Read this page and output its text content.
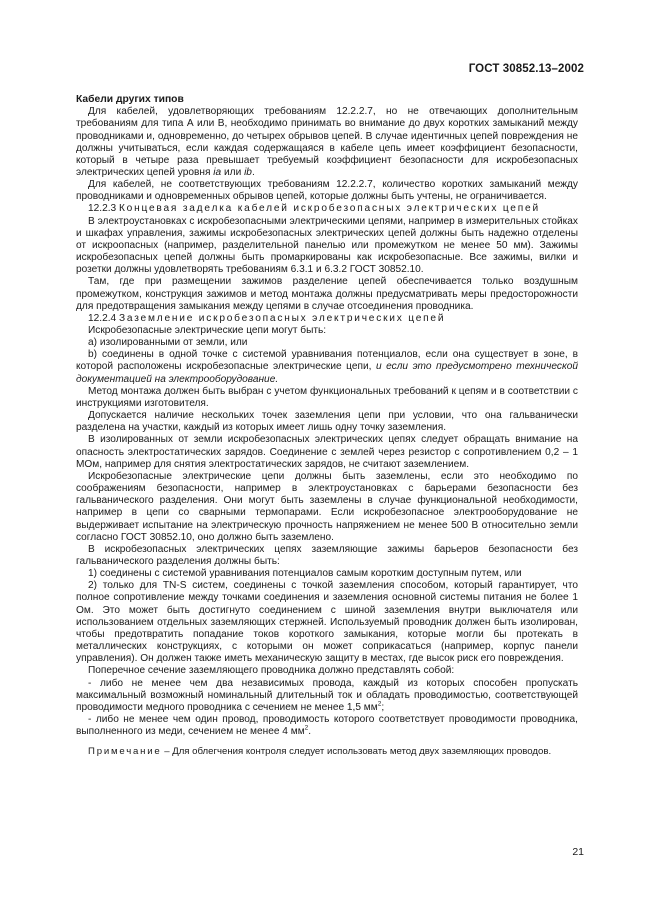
ГОСТ 30852.13–2002
Кабели других типов

Для кабелей, удовлетворяющих требованиям 12.2.2.7, но не отвечающих дополнительным требованиям для типа А или В, необходимо принимать во внимание до двух коротких замыканий между проводниками и, одновременно, до четырех обрывов цепей. В случае идентичных цепей повреждения не должны учитываться, если каждая содержащаяся в кабеле цепь имеет коэффициент безопасности, который в четыре раза превышает требуемый коэффициент безопасности для искробезопасных электрических цепей уровня ia или ib.

Для кабелей, не соответствующих требованиям 12.2.2.7, количество коротких замыканий между проводниками и одновременных обрывов цепей, которые должны быть учтены, не ограничивается.

12.2.3 Концевая заделка кабелей искробезопасных электрических цепей

В электроустановках с искробезопасными электрическими цепями, например в измерительных стойках и шкафах управления, зажимы искробезопасных электрических цепей должны быть надежно отделены от искроопасных (например, разделительной панелью или промежутком не менее 50 мм). Зажимы искробезопасных цепей должны быть промаркированы как искробезопасные. Все зажимы, вилки и розетки должны удовлетворять требованиям 6.3.1 и 6.3.2 ГОСТ 30852.10.

Там, где при размещении зажимов разделение цепей обеспечивается только воздушным промежутком, конструкция зажимов и метод монтажа должны предусматривать меры предосторожности для предотвращения замыкания между цепями в случае отсоединения проводника.

12.2.4 Заземление искробезопасных электрических цепей

Искробезопасные электрические цепи могут быть:

а) изолированными от земли, или

b) соединены в одной точке с системой уравнивания потенциалов, если она существует в зоне, в которой расположены искробезопасные электрические цепи, и если это предусмотрено технической документацией на электрооборудование.

Метод монтажа должен быть выбран с учетом функциональных требований к цепям и в соответствии с инструкциями изготовителя.

Допускается наличие нескольких точек заземления цепи при условии, что она гальванически разделена на участки, каждый из которых имеет лишь одну точку заземления.

В изолированных от земли искробезопасных электрических цепях следует обращать внимание на опасность электростатических зарядов. Соединение с землей через резистор с сопротивлением 0,2 – 1 МОм, например для снятия электростатических зарядов, не считают заземлением.

Искробезопасные электрические цепи должны быть заземлены, если это необходимо по соображениям безопасности, например в электроустановках с барьерами безопасности без гальванического разделения. Они могут быть заземлены в случае функциональной необходимости, например в цепи со сварными термопарами. Если искробезопасное электрооборудование не выдерживает испытание на электрическую прочность напряжением не менее 500 В относительно земли согласно ГОСТ 30852.10, оно должно быть заземлено.

В искробезопасных электрических цепях заземляющие зажимы барьеров безопасности без гальванического разделения должны быть:

1) соединены с системой уравнивания потенциалов самым коротким доступным путем, или

2) только для TN-S систем, соединены с точкой заземления способом, который гарантирует, что полное сопротивление между точками соединения и заземления основной системы питания не более 1 Ом. Это может быть достигнуто соединением с шиной заземления внутри выключателя или использованием отдельных заземляющих стержней. Используемый проводник должен быть изолирован, чтобы предотвратить попадание токов короткого замыкания, которые могли бы протекать в металлических конструкциях, с которыми он может соприкасаться (например, корпус панели управления). Он должен также иметь механическую защиту в местах, где высок риск его повреждения.

Поперечное сечение заземляющего проводника должно представлять собой:

- либо не менее чем два независимых провода, каждый из которых способен пропускать максимальный возможный номинальный длительный ток и обладать проводимостью, соответствующей проводимости медного проводника с сечением не менее 1,5 $мм^2$;

- либо не менее чем один провод, проводимость которого соответствует проводимости проводника, выполненного из меди, сечением не менее 4 $мм^2$.

Примечание – Для облегчения контроля следует использовать метод двух заземляющих проводов.

21
